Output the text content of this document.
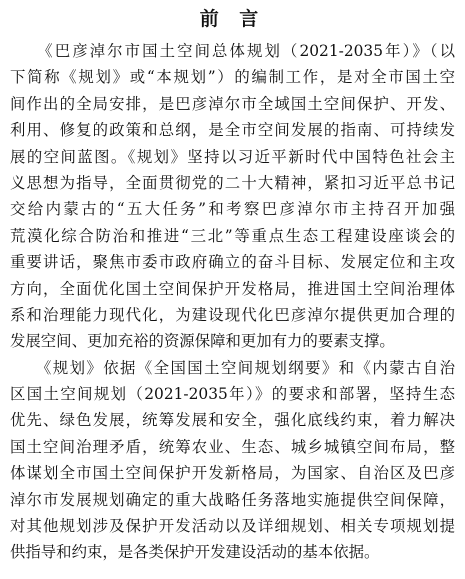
前 言
　　《巴彦淖尔市国土空间总体规划（2021-2035年）》（以
下简称《规划》或“本规划”）的编制工作，是对全市国土空
间作出的全局安排，是巴彦淖尔市全域国土空间保护、开发、
利用、修复的政策和总纲，是全市空间发展的指南、可持续发
展的空间蓝图。《规划》坚持以习近平新时代中国特色社会主
义思想为指导，全面贯彻党的二十大精神，紧扣习近平总书记
交给内蒙古的“五大任务”和考察巴彦淖尔市主持召开加强
荒漠化综合防治和推进“三北”等重点生态工程建设座谈会的
重要讲话，聚焦市委市政府确立的奋斗目标、发展定位和主攻
方向，全面优化国土空间保护开发格局，推进国土空间治理体
系和治理能力现代化，为建设现代化巴彦淖尔提供更加合理的
发展空间、更加充裕的资源保障和更加有力的要素支撑。
　　《规划》依据《全国国土空间规划纲要》和《内蒙古自治
区国土空间规划（2021-2035年）》的要求和部署，坚持生态
优先、绿色发展，统筹发展和安全，强化底线约束，着力解决
国土空间治理矛盾，统筹农业、生态、城乡城镇空间布局，整
体谋划全市国土空间保护开发新格局，为国家、自治区及巴彦
淖尔市发展规划确定的重大战略任务落地实施提供空间保障，
对其他规划涉及保护开发活动以及详细规划、相关专项规划提
供指导和约束，是各类保护开发建设活动的基本依据。
